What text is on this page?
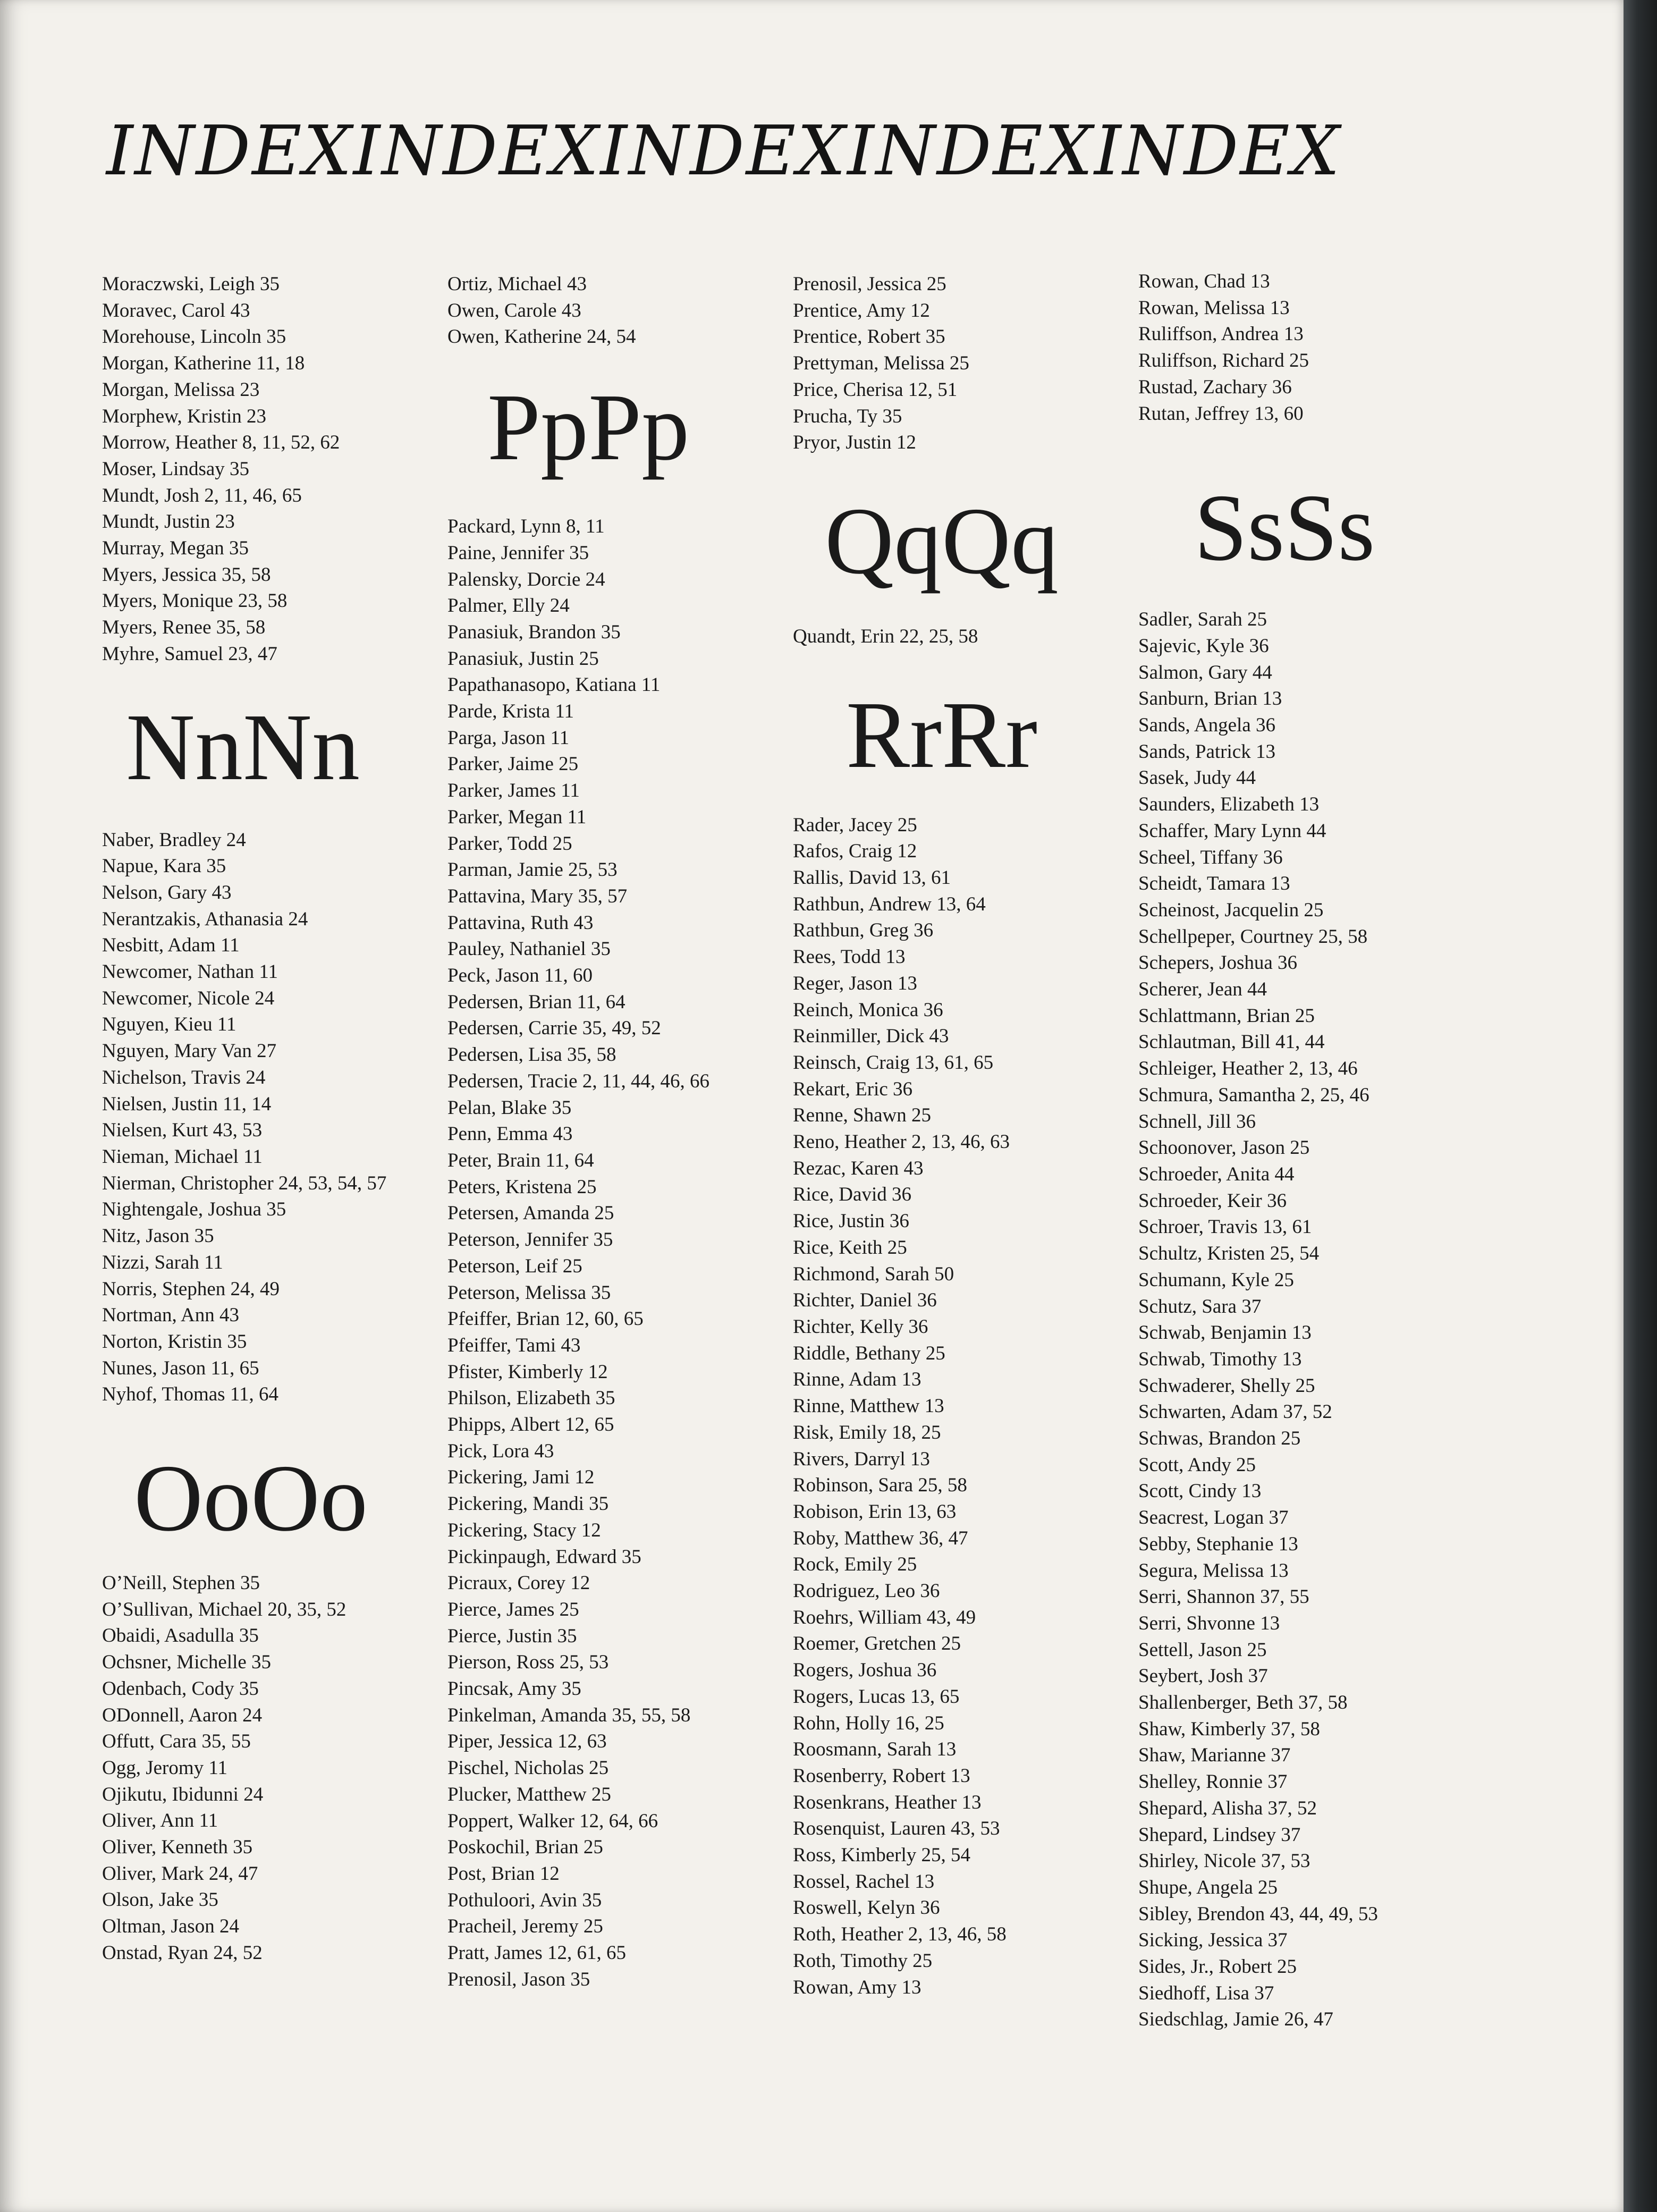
INDEXINDEXINDEXINDEXINDEX
Moraczwski, Leigh 35
Moravec, Carol 43
Morehouse, Lincoln 35
Morgan, Katherine 11, 18
Morgan, Melissa 23
Morphew, Kristin 23
Morrow, Heather 8, 11, 52, 62
Moser, Lindsay 35
Mundt, Josh 2, 11, 46, 65
Mundt, Justin 23
Murray, Megan 35
Myers, Jessica 35, 58
Myers, Monique 23, 58
Myers, Renee 35, 58
Myhre, Samuel 23, 47
NnNn
Naber, Bradley 24
Napue, Kara 35
Nelson, Gary 43
Nerantzakis, Athanasia 24
Nesbitt, Adam 11
Newcomer, Nathan 11
Newcomer, Nicole 24
Nguyen, Kieu 11
Nguyen, Mary Van 27
Nichelson, Travis 24
Nielsen, Justin 11, 14
Nielsen, Kurt 43, 53
Nieman, Michael 11
Nierman, Christopher 24, 53, 54, 57
Nightengale, Joshua 35
Nitz, Jason 35
Nizzi, Sarah 11
Norris, Stephen 24, 49
Nortman, Ann 43
Norton, Kristin 35
Nunes, Jason 11, 65
Nyhof, Thomas 11, 64
OoOo
O’Neill, Stephen 35
O’Sullivan, Michael 20, 35, 52
Obaidi, Asadulla 35
Ochsner, Michelle 35
Odenbach, Cody 35
ODonnell, Aaron 24
Offutt, Cara 35, 55
Ogg, Jeromy 11
Ojikutu, Ibidunni 24
Oliver, Ann 11
Oliver, Kenneth 35
Oliver, Mark 24, 47
Olson, Jake 35
Oltman, Jason 24
Onstad, Ryan 24, 52
Ortiz, Michael 43
Owen, Carole 43
Owen, Katherine 24, 54
PpPp
Packard, Lynn 8, 11
Paine, Jennifer 35
Palensky, Dorcie 24
Palmer, Elly 24
Panasiuk, Brandon 35
Panasiuk, Justin 25
Papathanasopo, Katiana 11
Parde, Krista 11
Parga, Jason 11
Parker, Jaime 25
Parker, James 11
Parker, Megan 11
Parker, Todd 25
Parman, Jamie 25, 53
Pattavina, Mary 35, 57
Pattavina, Ruth 43
Pauley, Nathaniel 35
Peck, Jason 11, 60
Pedersen, Brian 11, 64
Pedersen, Carrie 35, 49, 52
Pedersen, Lisa 35, 58
Pedersen, Tracie 2, 11, 44, 46, 66
Pelan, Blake 35
Penn, Emma 43
Peter, Brain 11, 64
Peters, Kristena 25
Petersen, Amanda 25
Peterson, Jennifer 35
Peterson, Leif 25
Peterson, Melissa 35
Pfeiffer, Brian 12, 60, 65
Pfeiffer, Tami 43
Pfister, Kimberly 12
Philson, Elizabeth 35
Phipps, Albert 12, 65
Pick, Lora 43
Pickering, Jami 12
Pickering, Mandi 35
Pickering, Stacy 12
Pickinpaugh, Edward 35
Picraux, Corey 12
Pierce, James 25
Pierce, Justin 35
Pierson, Ross 25, 53
Pincsak, Amy 35
Pinkelman, Amanda 35, 55, 58
Piper, Jessica 12, 63
Pischel, Nicholas 25
Plucker, Matthew 25
Poppert, Walker 12, 64, 66
Poskochil, Brian 25
Post, Brian 12
Pothuloori, Avin 35
Pracheil, Jeremy 25
Pratt, James 12, 61, 65
Prenosil, Jason 35
Prenosil, Jessica 25
Prentice, Amy 12
Prentice, Robert 35
Prettyman, Melissa 25
Price, Cherisa 12, 51
Prucha, Ty 35
Pryor, Justin 12
QqQq
Quandt, Erin 22, 25, 58
RrRr
Rader, Jacey 25
Rafos, Craig 12
Rallis, David 13, 61
Rathbun, Andrew 13, 64
Rathbun, Greg 36
Rees, Todd 13
Reger, Jason 13
Reinch, Monica 36
Reinmiller, Dick 43
Reinsch, Craig 13, 61, 65
Rekart, Eric 36
Renne, Shawn 25
Reno, Heather 2, 13, 46, 63
Rezac, Karen 43
Rice, David 36
Rice, Justin 36
Rice, Keith 25
Richmond, Sarah 50
Richter, Daniel 36
Richter, Kelly 36
Riddle, Bethany 25
Rinne, Adam 13
Rinne, Matthew 13
Risk, Emily 18, 25
Rivers, Darryl 13
Robinson, Sara 25, 58
Robison, Erin 13, 63
Roby, Matthew 36, 47
Rock, Emily 25
Rodriguez, Leo 36
Roehrs, William 43, 49
Roemer, Gretchen 25
Rogers, Joshua 36
Rogers, Lucas 13, 65
Rohn, Holly 16, 25
Roosmann, Sarah 13
Rosenberry, Robert 13
Rosenkrans, Heather 13
Rosenquist, Lauren 43, 53
Ross, Kimberly 25, 54
Rossel, Rachel 13
Roswell, Kelyn 36
Roth, Heather 2, 13, 46, 58
Roth, Timothy 25
Rowan, Amy 13
Rowan, Chad 13
Rowan, Melissa 13
Ruliffson, Andrea 13
Ruliffson, Richard 25
Rustad, Zachary 36
Rutan, Jeffrey 13, 60
SsSs
Sadler, Sarah 25
Sajevic, Kyle 36
Salmon, Gary 44
Sanburn, Brian 13
Sands, Angela 36
Sands, Patrick 13
Sasek, Judy 44
Saunders, Elizabeth 13
Schaffer, Mary Lynn 44
Scheel, Tiffany 36
Scheidt, Tamara 13
Scheinost, Jacquelin 25
Schellpeper, Courtney 25, 58
Schepers, Joshua 36
Scherer, Jean 44
Schlattmann, Brian 25
Schlautman, Bill 41, 44
Schleiger, Heather 2, 13, 46
Schmura, Samantha 2, 25, 46
Schnell, Jill 36
Schoonover, Jason 25
Schroeder, Anita 44
Schroeder, Keir 36
Schroer, Travis 13, 61
Schultz, Kristen 25, 54
Schumann, Kyle 25
Schutz, Sara 37
Schwab, Benjamin 13
Schwab, Timothy 13
Schwaderer, Shelly 25
Schwarten, Adam 37, 52
Schwas, Brandon 25
Scott, Andy 25
Scott, Cindy 13
Seacrest, Logan 37
Sebby, Stephanie 13
Segura, Melissa 13
Serri, Shannon 37, 55
Serri, Shvonne 13
Settell, Jason 25
Seybert, Josh 37
Shallenberger, Beth 37, 58
Shaw, Kimberly 37, 58
Shaw, Marianne 37
Shelley, Ronnie 37
Shepard, Alisha 37, 52
Shepard, Lindsey 37
Shirley, Nicole 37, 53
Shupe, Angela 25
Sibley, Brendon 43, 44, 49, 53
Sicking, Jessica 37
Sides, Jr., Robert 25
Siedhoff, Lisa 37
Siedschlag, Jamie 26, 47
